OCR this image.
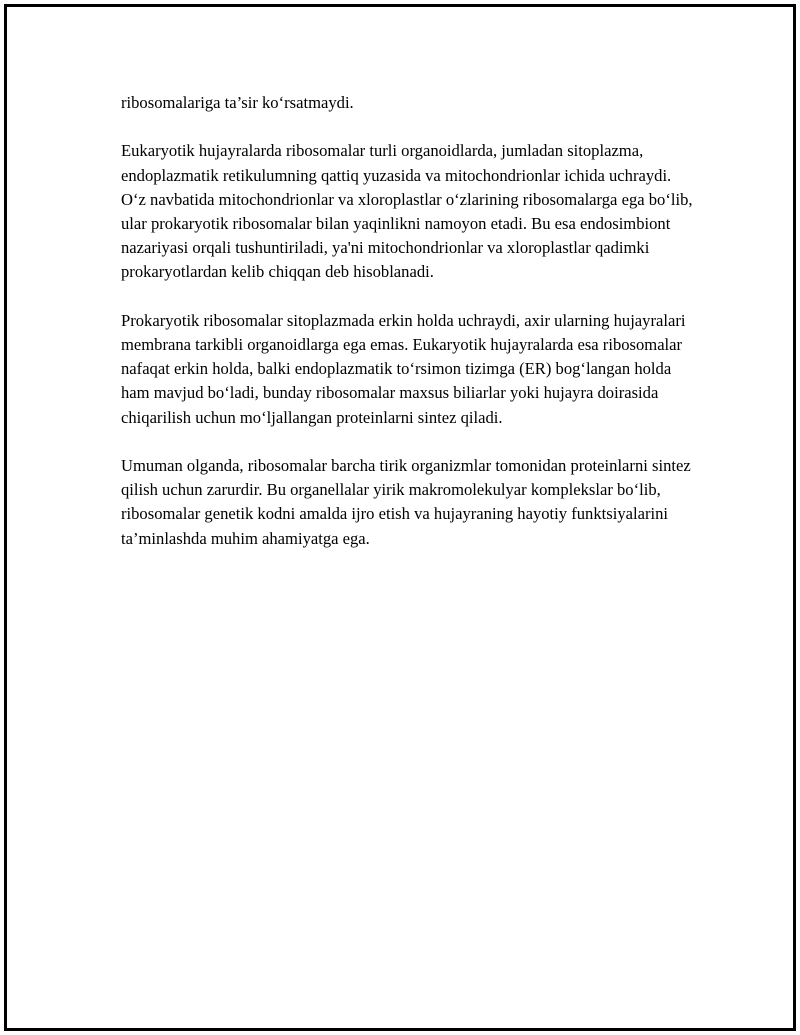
ribosomalariga ta’sir ko‘rsatmaydi.

Eukaryotik hujayralarda ribosomalar turli organoidlarda, jumladan sitoplazma, endoplazmatik retikulumning qattiq yuzasida va mitochondrionlar ichida uchraydi. O‘z navbatida mitochondrionlar va xloroplastlar o‘zlarining ribosomalarga ega bo‘lib, ular prokaryotik ribosomalar bilan yaqinlikni namoyon etadi. Bu esa endosimbiont nazariyasi orqali tushuntiriladi, ya'ni mitochondrionlar va xloroplastlar qadimki prokaryotlardan kelib chiqqan deb hisoblanadi.

Prokaryotik ribosomalar sitoplazmada erkin holda uchraydi, axir ularning hujayralari membrana tarkibli organoidlarga ega emas. Eukaryotik hujayralarda esa ribosomalar nafaqat erkin holda, balki endoplazmatik to‘rsimon tizimga (ER) bog‘langan holda ham mavjud bo‘ladi, bunday ribosomalar maxsus biliarlar yoki hujayra doirasida chiqarilish uchun mo‘ljallangan proteinlarni sintez qiladi.

Umuman olganda, ribosomalar barcha tirik organizmlar tomonidan proteinlarni sintez qilish uchun zarurdir. Bu organellalar yirik makromolekulyar komplekslar bo‘lib, ribosomalar genetik kodni amalda ijro etish va hujayraning hayotiy funktsiyalarini ta’minlashda muhim ahamiyatga ega.
